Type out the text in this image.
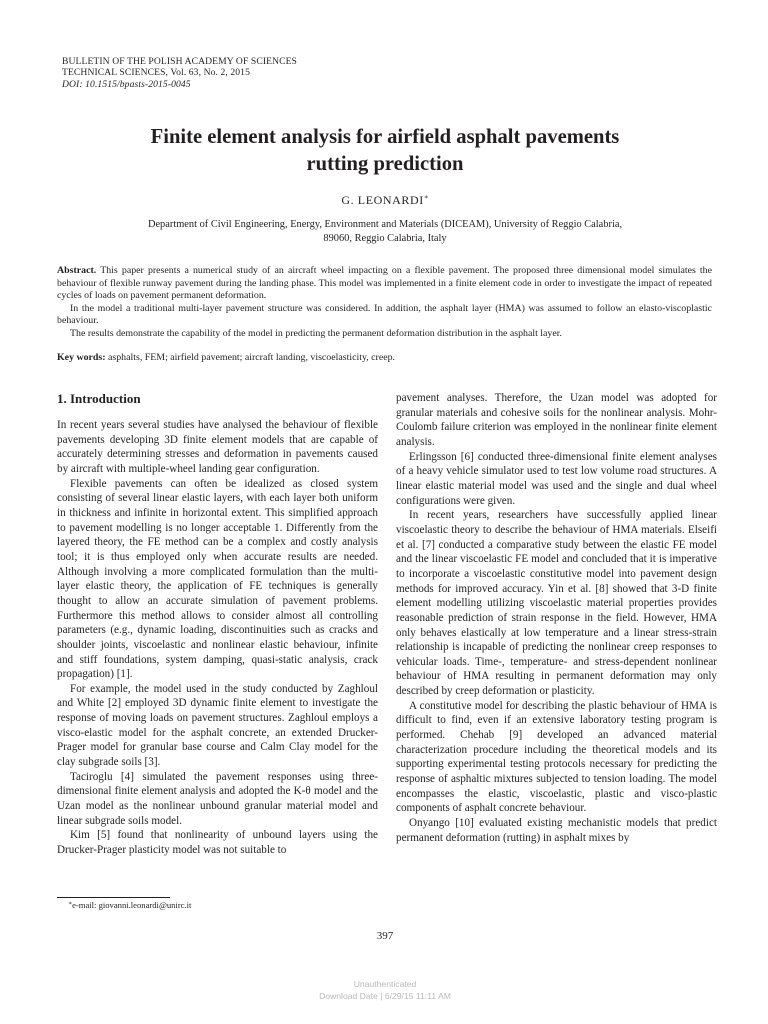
BULLETIN OF THE POLISH ACADEMY OF SCIENCES
TECHNICAL SCIENCES, Vol. 63, No. 2, 2015
DOI: 10.1515/bpasts-2015-0045
Finite element analysis for airfield asphalt pavements
rutting prediction
G. LEONARDI∗
Department of Civil Engineering, Energy, Environment and Materials (DICEAM), University of Reggio Calabria,
89060, Reggio Calabria, Italy

Abstract. This paper presents a numerical study of an aircraft wheel impacting on a flexible pavement. The proposed three dimensional model simulates the behaviour of flexible runway pavement during the landing phase. This model was implemented in a finite element code in order to investigate the impact of repeated cycles of loads on pavement permanent deformation.

In the model a traditional multi-layer pavement structure was considered. In addition, the asphalt layer (HMA) was assumed to follow an elasto-viscoplastic behaviour.

The results demonstrate the capability of the model in predicting the permanent deformation distribution in the asphalt layer.

Key words: asphalts, FEM; airfield pavement; aircraft landing, viscoelasticity, creep.
1. Introduction

In recent years several studies have analysed the behaviour of flexible pavements developing 3D finite element models that are capable of accurately determining stresses and deformation in pavements caused by aircraft with multiple-wheel landing gear configuration.

Flexible pavements can often be idealized as closed system consisting of several linear elastic layers, with each layer both uniform in thickness and infinite in horizontal extent. This simplified approach to pavement modelling is no longer acceptable 1. Differently from the layered theory, the FE method can be a complex and costly analysis tool; it is thus employed only when accurate results are needed. Although involving a more complicated formulation than the multi-layer elastic theory, the application of FE techniques is generally thought to allow an accurate simulation of pavement problems. Furthermore this method allows to consider almost all controlling parameters (e.g., dynamic loading, discontinuities such as cracks and shoulder joints, viscoelastic and nonlinear elastic behaviour, infinite and stiff foundations, system damping, quasi-static analysis, crack propagation) [1].

For example, the model used in the study conducted by Zaghloul and White [2] employed 3D dynamic finite element to investigate the response of moving loads on pavement structures. Zaghloul employs a visco-elastic model for the asphalt concrete, an extended Drucker-Prager model for granular base course and Calm Clay model for the clay subgrade soils [3].

Taciroglu [4] simulated the pavement responses using three-dimensional finite element analysis and adopted the K-θ model and the Uzan model as the nonlinear unbound granular material model and linear subgrade soils model.

Kim [5] found that nonlinearity of unbound layers using the Drucker-Prager plasticity model was not suitable to

pavement analyses. Therefore, the Uzan model was adopted for granular materials and cohesive soils for the nonlinear analysis. Mohr-Coulomb failure criterion was employed in the nonlinear finite element analysis.

Erlingsson [6] conducted three-dimensional finite element analyses of a heavy vehicle simulator used to test low volume road structures. A linear elastic material model was used and the single and dual wheel configurations were given.

In recent years, researchers have successfully applied linear viscoelastic theory to describe the behaviour of HMA materials. Elseifi et al. [7] conducted a comparative study between the elastic FE model and the linear viscoelastic FE model and concluded that it is imperative to incorporate a viscoelastic constitutive model into pavement design methods for improved accuracy. Yin et al. [8] showed that 3-D finite element modelling utilizing viscoelastic material properties provides reasonable prediction of strain response in the field. However, HMA only behaves elastically at low temperature and a linear stress-strain relationship is incapable of predicting the nonlinear creep responses to vehicular loads. Time-, temperature- and stress-dependent nonlinear behaviour of HMA resulting in permanent deformation may only described by creep deformation or plasticity.

A constitutive model for describing the plastic behaviour of HMA is difficult to find, even if an extensive laboratory testing program is performed. Chehab [9] developed an advanced material characterization procedure including the theoretical models and its supporting experimental testing protocols necessary for predicting the response of asphaltic mixtures subjected to tension loading. The model encompasses the elastic, viscoelastic, plastic and visco-plastic components of asphalt concrete behaviour.

Onyango [10] evaluated existing mechanistic models that predict permanent deformation (rutting) in asphalt mixes by

∗e-mail: giovanni.leonardi@unirc.it
397
Unauthenticated
Download Date | 6/29/15 11:11 AM
